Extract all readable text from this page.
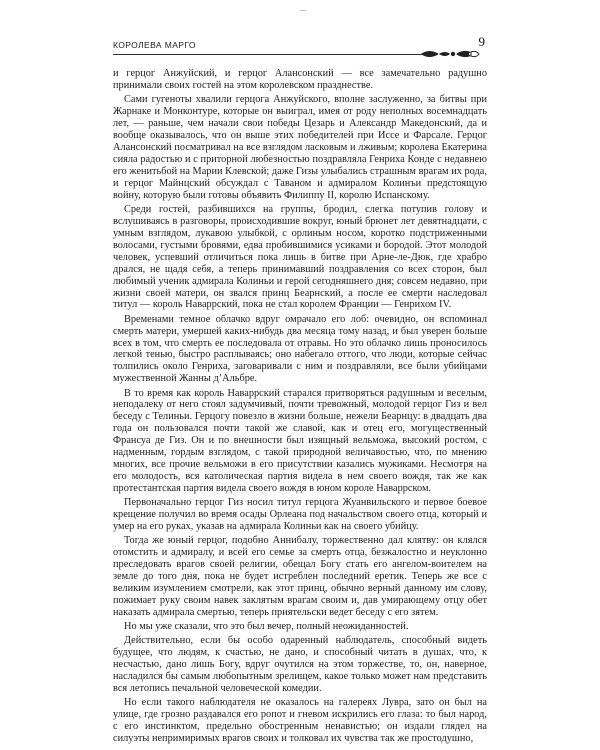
КОРОЛЕВА МАРГО	9

и герцог Анжуйский, и герцог Алансонский — все замечательно радушно принимали своих гостей на этом королевском празднестве.

Сами гугеноты хвалили герцога Анжуйского, вполне заслуженно, за битвы при Жарнаке и Монконтуре, которые он выиграл, имея от роду неполных восемнадцать лет, — раньше, чем начали свои победы Цезарь и Александр Македонский, да и вообще оказывалось, что он выше этих победителей при Иссе и Фарсале. Герцог Алансонский посматривал на все взглядом ласковым и лживым; королева Екатерина сияла радостью и с приторной любезностью поздравляла Генриха Конде с недавнею его женитьбой на Марии Клевской; даже Гизы улыбались страшным врагам их рода, и герцог Майнцский обсуждал с Таваном и адмиралом Колинъи предстоящую войну, которую были готовы объявить Филиппу II, королю Испанскому.

Среди гостей, разбившихся на группы, бродил, слегка потупив голову и вслушиваясь в разговоры, происходившие вокруг, юный брюнет лет девятнадцати, с умным взглядом, лукавою улыбкой, с орлиным носом, коротко подстриженными волосами, густыми бровями, едва пробившимися усиками и бородой. Этот молодой человек, успевший отличиться пока лишь в битве при Арне-ле-Дюк, где храбро дрался, не щадя себя, а теперь принимавший поздравления со всех сторон, был любимый ученик адмирала Колиньи и герой сегодняшнего дня; совсем недавно, при жизни своей матери, он звался принц Беарнский, а после ее смерти наследовал титул — король Наваррский, пока не стал королем Франции — Генрихом IV.

Временами темное облачко вдруг омрачало его лоб: очевидно, он вспоминал смерть матери, умершей каких-нибудь два месяца тому назад, и был уверен больше всех в том, что смерть ее последовала от отравы. Но это облачко лишь проносилось легкой тенью, быстро расплываясь; оно набегало оттого, что люди, которые сейчас толпились около Генриха, заговаривали с ним и поздравляли, все были убийцами мужественной Жанны д’Альбре.

В то время как король Наваррский старался притворяться радушным и веселым, неподалеку от него стоял задумчивый, почти тревожный, молодой герцог Гиз и вел беседу с Телиньи. Герцогу повезло в жизни больше, нежели Беарнцу: в двадцать два года он пользовался почти такой же славой, как и отец его, могущественный Франсуа де Гиз. Он и по внешности был изящный вельможа, высокий ростом, с надменным, гордым взглядом, с такой природной величавостью, что, по мнению многих, все прочие вельможи в его присутствии казались мужиками. Несмотря на его молодость, вся католическая партия видела в нем своего вождя, так же как протестантская партия видела своего вождя в юном короле Наваррском.

Первоначально герцог Гиз носил титул герцога Жуанвильского и первое боевое крещение получил во время осады Орлеана под начальством своего отца, который и умер на его руках, указав на адмирала Колиньи как на своего убийцу.

Тогда же юный герцог, подобно Аннибалу, торжественно дал клятву: он клялся отомстить и адмиралу, и всей его семье за смерть отца, безжалостно и неуклонно преследовать врагов своей религии, обещал Богу стать его ангелом-воителем на земле до того дня, пока не будет истреблен последний еретик. Теперь же все с великим изумлением смотрели, как этот принц, обычно верный данному им слову, пожимает руку своим навек заклятым врагам своим и, дав умирающему отцу обет наказать адмирала смертью, теперь приятельски ведет беседу с его зятем.

Но мы уже сказали, что это был вечер, полный неожиданностей.

Действительно, если бы особо одаренный наблюдатель, способный видеть будущее, что людям, к счастью, не дано, и способный читать в душах, что, к несчастью, дано лишь Богу, вдруг очутился на этом торжестве, то, он, наверное, насладился бы самым любопытным зрелищем, какое только может нам представить вся летопись печальной человеческой комедии.

Но если такого наблюдателя не оказалось на галереях Лувра, зато он был на улице, где грозно раздавался его ропот и гневом искрились его глаза: то был народ, с его инстинктом, предельно обостренным ненавистью; он издали глядел на силуэты непримиримых врагов своих и толковал их чувства так же простодушно,
